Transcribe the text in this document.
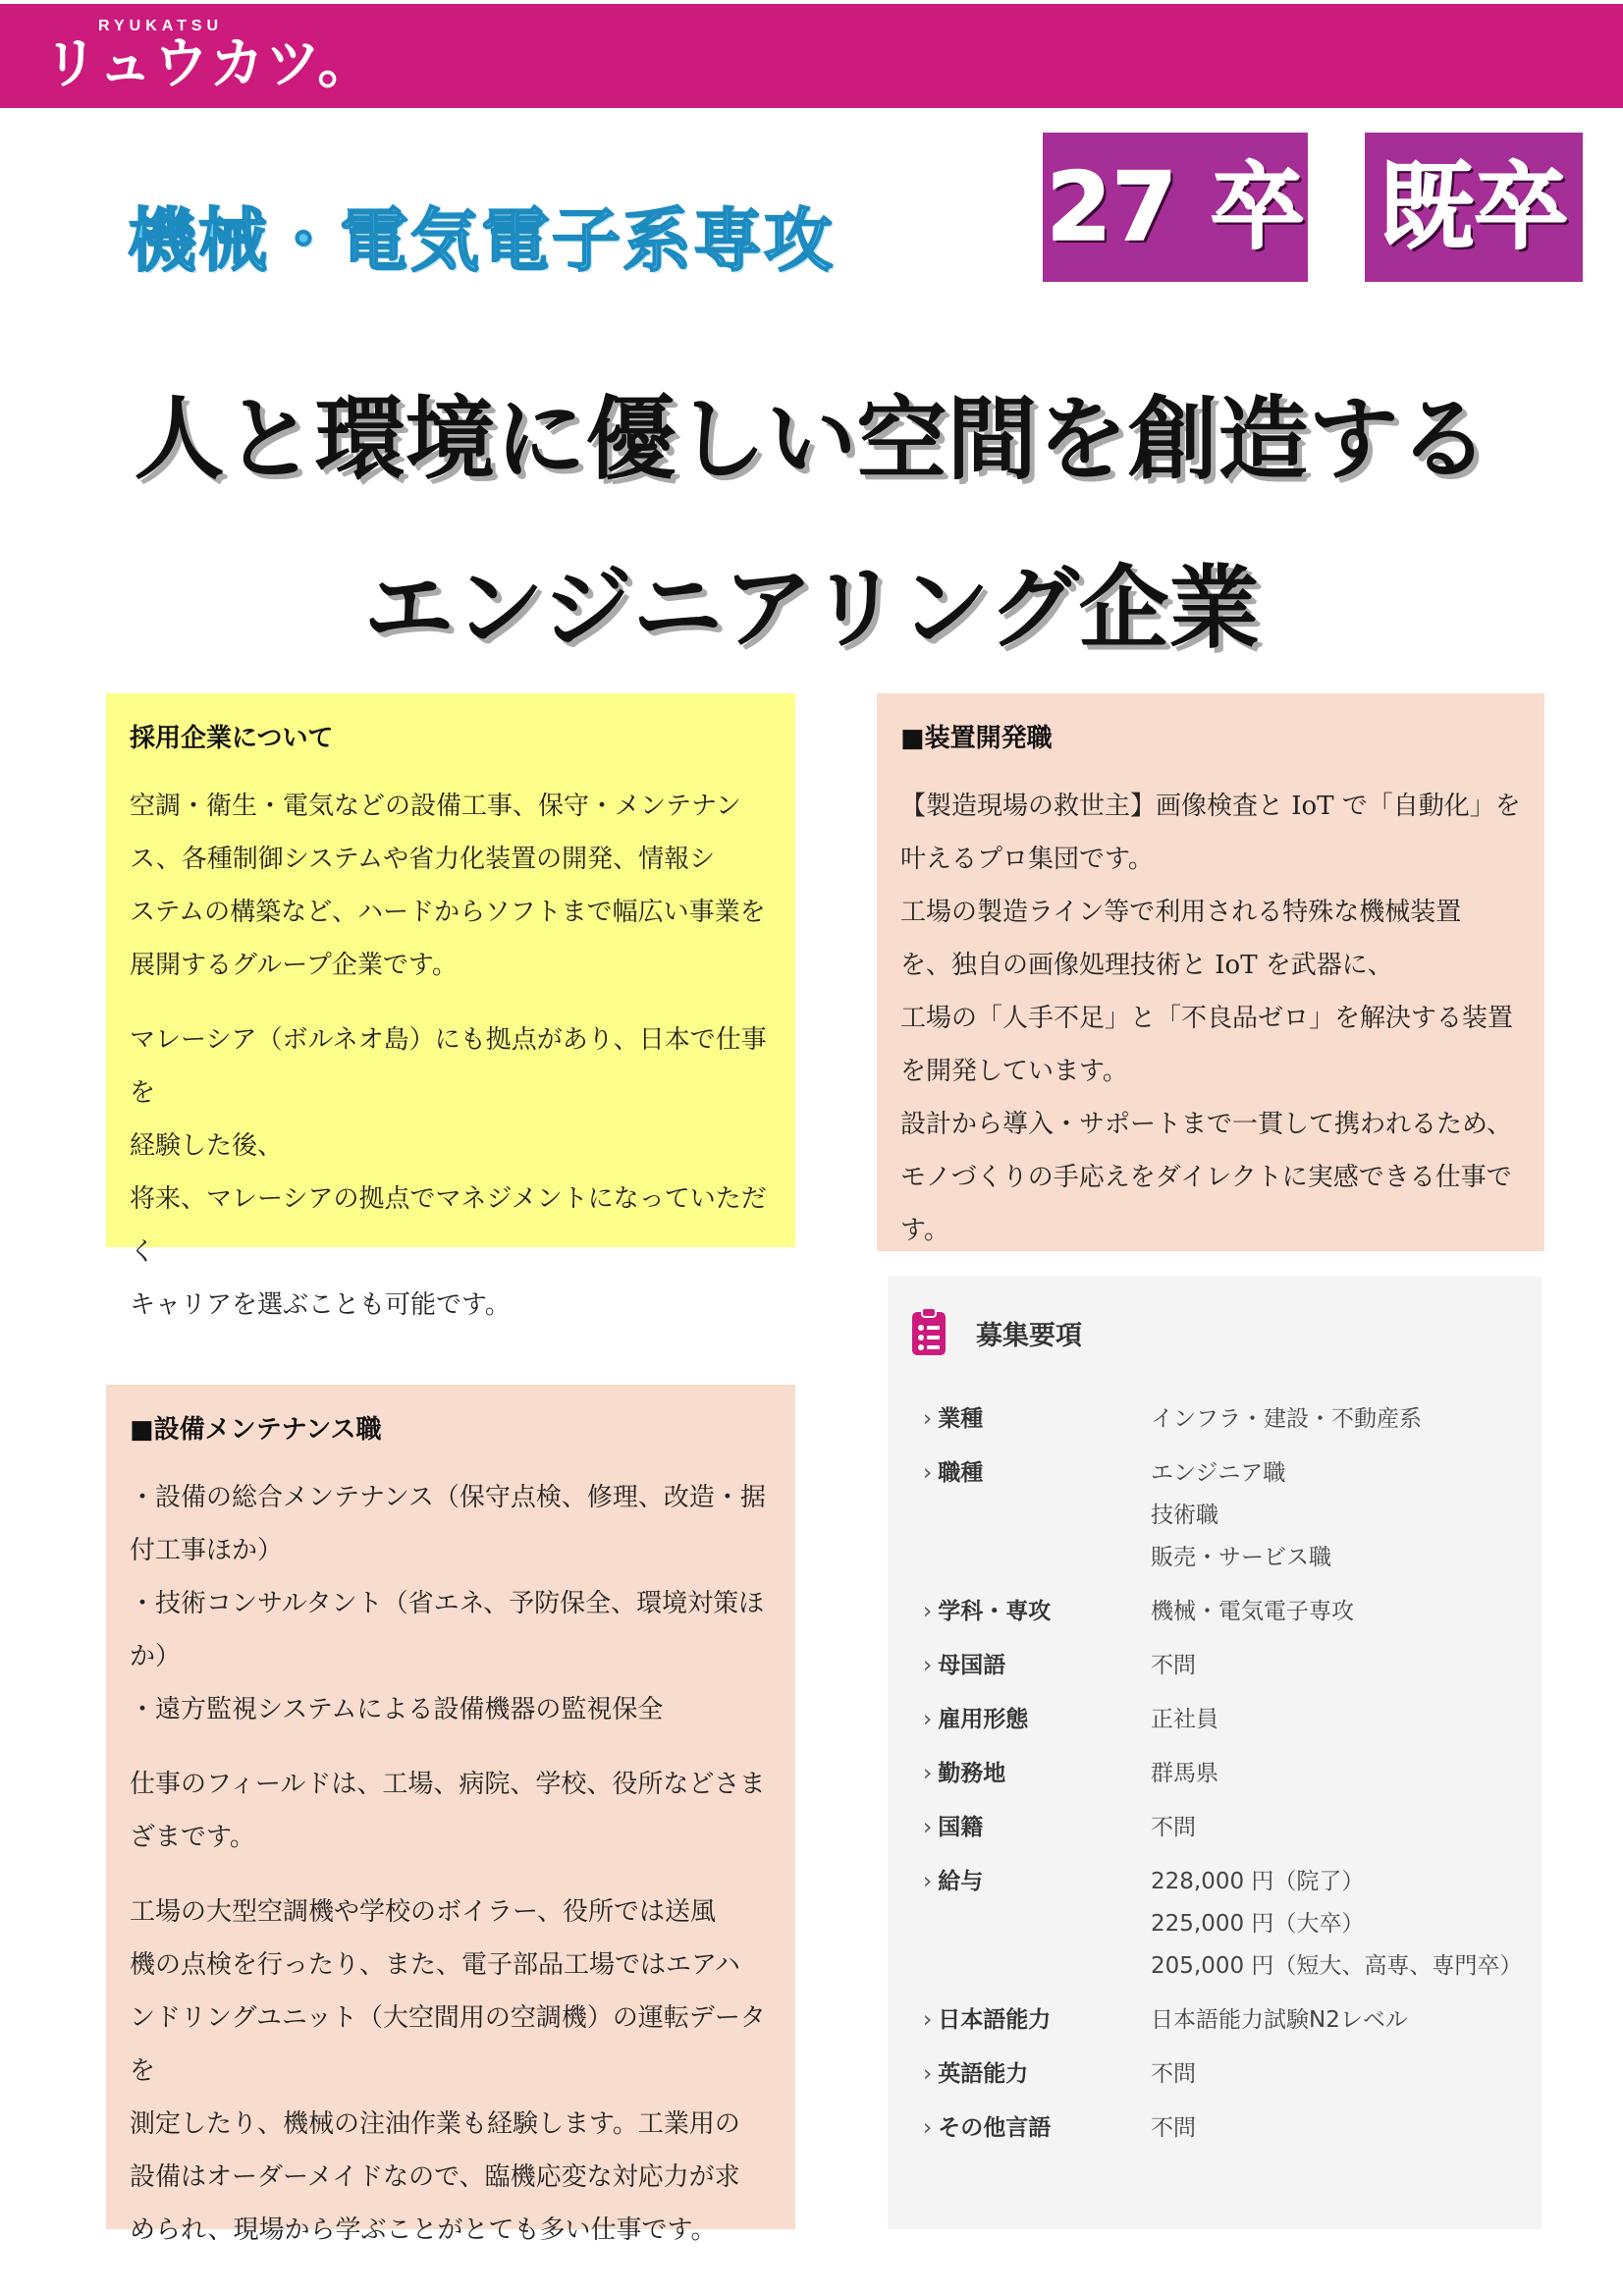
RYUKATSU
リュウカツ。
機械・電気電子系専攻 27 卒 既卒
人と環境に優しい空間を創造する
エンジニアリング企業
採用企業について

空調・衛生・電気などの設備工事、保守・メンテナン
ス、各種制御システムや省力化装置の開発、情報シ
ステムの構築など、ハードからソフトまで幅広い事業を
展開するグループ企業です。

マレーシア（ボルネオ島）にも拠点があり、日本で仕事を
経験した後、
将来、マレーシアの拠点でマネジメントになっていただく
キャリアを選ぶことも可能です。

■装置開発職

【製造現場の救世主】画像検査と IoT で「自動化」を
叶えるプロ集団です。
工場の製造ライン等で利用される特殊な機械装置
を、独自の画像処理技術と IoT を武器に、
工場の「人手不足」と「不良品ゼロ」を解決する装置
を開発しています。
設計から導入・サポートまで一貫して携われるため、
モノづくりの手応えをダイレクトに実感できる仕事です。

■設備メンテナンス職

・設備の総合メンテナンス（保守点検、修理、改造・据
付工事ほか）
・技術コンサルタント（省エネ、予防保全、環境対策ほ
か）
・遠方監視システムによる設備機器の監視保全

仕事のフィールドは、工場、病院、学校、役所などさま
ざまです。

工場の大型空調機や学校のボイラー、役所では送風
機の点検を行ったり、また、電子部品工場ではエアハ
ンドリングユニット（大空間用の空調機）の運転データを
測定したり、機械の注油作業も経験します。工業用の
設備はオーダーメイドなので、臨機応変な対応力が求
められ、現場から学ぶことがとても多い仕事です。

募集要項
› 業種	インフラ・建設・不動産系
› 職種	エンジニア職
技術職
販売・サービス職
› 学科・専攻	機械・電気電子専攻
› 母国語	不問
› 雇用形態	正社員
› 勤務地	群馬県
› 国籍	不問
› 給与	228,000 円（院了）
225,000 円（大卒）
205,000 円（短大、高専、専門卒）
› 日本語能力	日本語能力試験N2レベル
› 英語能力	不問
› その他言語	不問
